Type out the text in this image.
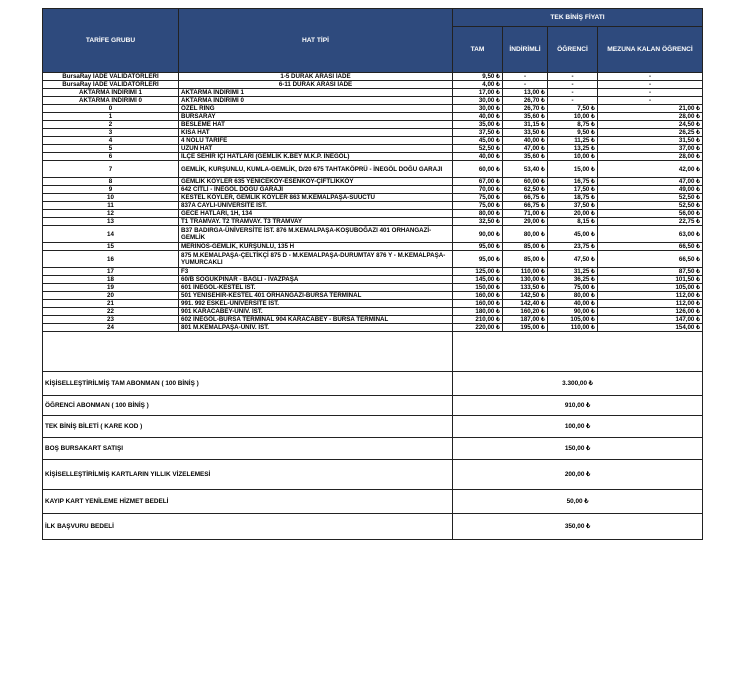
TARİFE GRUBU	HAT TİPİ	TEK BİNİŞ FİYATI			
		TAM	İNDİRİMLİ	ÖĞRENCİ	MEZUNA KALAN ÖĞRENCİ
BursaRay İADE VALİDATÖRLERİ	1-5 DURAK ARASI İADE	9,50 ₺	-	-	-
BursaRay İADE VALİDATÖRLERİ	6-11 DURAK ARASI İADE	4,00 ₺	-	-	-
AKTARMA İNDİRİMİ 1	AKTARMA İNDİRİMİ 1	17,00 ₺	13,00 ₺	-	-
AKTARMA İNDİRİMİ 0	AKTARMA İNDİRİMİ 0	30,00 ₺	26,70 ₺	-	-
0	ÖZEL RİNG	30,00 ₺	26,70 ₺	7,50 ₺	21,00 ₺
1	BURSARAY	40,00 ₺	35,60 ₺	10,00 ₺	28,00 ₺
2	BESLEME HAT	35,00 ₺	31,15 ₺	8,75 ₺	24,50 ₺
3	KISA HAT	37,50 ₺	33,50 ₺	9,50 ₺	26,25 ₺
4	4 NOLU TARİFE	45,00 ₺	40,00 ₺	11,25 ₺	31,50 ₺
5	UZUN HAT	52,50 ₺	47,00 ₺	13,25 ₺	37,00 ₺
6	İLÇE SEHİR İÇİ HATLARI (GEMLİK K.BEY M.K.P. İNEGÖL)	40,00 ₺	35,60 ₺	10,00 ₺	28,00 ₺
7	GEMLİK, KURŞUNLU, KUMLA-GEMLİK, D/20 675 TAHTAKÖPRÜ - İNEGÖL DOĞU GARAJI	60,00 ₺	53,40 ₺	15,00 ₺	42,00 ₺
8	GEMLİK KÖYLER 635 YENİCEKÖY-ESENKÖY-ÇİFTLİKKÖY	67,00 ₺	60,00 ₺	16,75 ₺	47,00 ₺
9	642 CİTLİ - İNEGÖL DOĞU GARAJI	70,00 ₺	62,50 ₺	17,50 ₺	49,00 ₺
10	KESTEL KÖYLER, GEMLİK KÖYLER 863 M.KEMALPAŞA-SUUCTU	75,00 ₺	66,75 ₺	18,75 ₺	52,50 ₺
11	837A CAYLI-ÜNİVERSİTE İST.	75,00 ₺	66,75 ₺	37,50 ₺	52,50 ₺
12	GECE HATLARI, 1H, 134	80,00 ₺	71,00 ₺	20,00 ₺	56,00 ₺
13	T1 TRAMVAY. T2 TRAMVAY. T3 TRAMVAY	32,50 ₺	29,00 ₺	8,15 ₺	22,75 ₺
14	B37 BADIRGA-ÜNİVERSİTE İST. 876 M.KEMALPAŞA-KOŞUBOĞAZI 401 ORHANGAZİ-GEMLİK	90,00 ₺	80,00 ₺	45,00 ₺	63,00 ₺
15	MERİNOS-GEMLİK, KURŞUNLU, 135 H	95,00 ₺	85,00 ₺	23,75 ₺	66,50 ₺
16	875 M.KEMALPAŞA-ÇELTİKÇİ 875 D - M.KEMALPAŞA-DURUMTAY 876 Y - M.KEMALPAŞA-YUMURCAKLI	95,00 ₺	85,00 ₺	47,50 ₺	66,50 ₺
17	F3	125,00 ₺	110,00 ₺	31,25 ₺	87,50 ₺
18	60/B SOĞUKPINAR - BAĞLI - İVAZPAŞA	145,00 ₺	130,00 ₺	36,25 ₺	101,50 ₺
19	601 İNEGÖL-KESTEL İST.	150,00 ₺	133,50 ₺	75,00 ₺	105,00 ₺
20	501 YENİSEHİR-KESTEL 401 ORHANGAZİ-BURSA TERMİNAL	160,00 ₺	142,50 ₺	80,00 ₺	112,00 ₺
21	991. 992 ESKEL-ÜNİVERSİTE İST.	160,00 ₺	142,40 ₺	40,00 ₺	112,00 ₺
22	901 KARACABEY-ÜNİV. İST.	180,00 ₺	160,20 ₺	90,00 ₺	126,00 ₺
23	602 İNEGÖL-BURSA TERMİNAL 904 KARACABEY - BURSA TERMİNAL	210,00 ₺	187,00 ₺	105,00 ₺	147,00 ₺
24	801 M.KEMALPAŞA-ÜNİV. İST.	220,00 ₺	195,00 ₺	110,00 ₺	154,00 ₺

KİŞİSELLEŞTİRİLMİŞ TAM ABONMAN ( 100 BİNİŞ )		3.300,00 ₺			
ÖĞRENCİ ABONMAN ( 100 BİNİŞ )		910,00 ₺			
TEK BİNİŞ BİLETİ ( KARE KOD )		100,00 ₺			
BOŞ BURSAKART SATIŞI		150,00 ₺			
KİŞİSELLEŞTİRİLMİŞ KARTLARIN YILLIK VİZELEMESİ		200,00 ₺			
KAYIP KART YENİLEME HİZMET BEDELİ		50,00 ₺			
İLK BAŞVURU BEDELİ		350,00 ₺			
